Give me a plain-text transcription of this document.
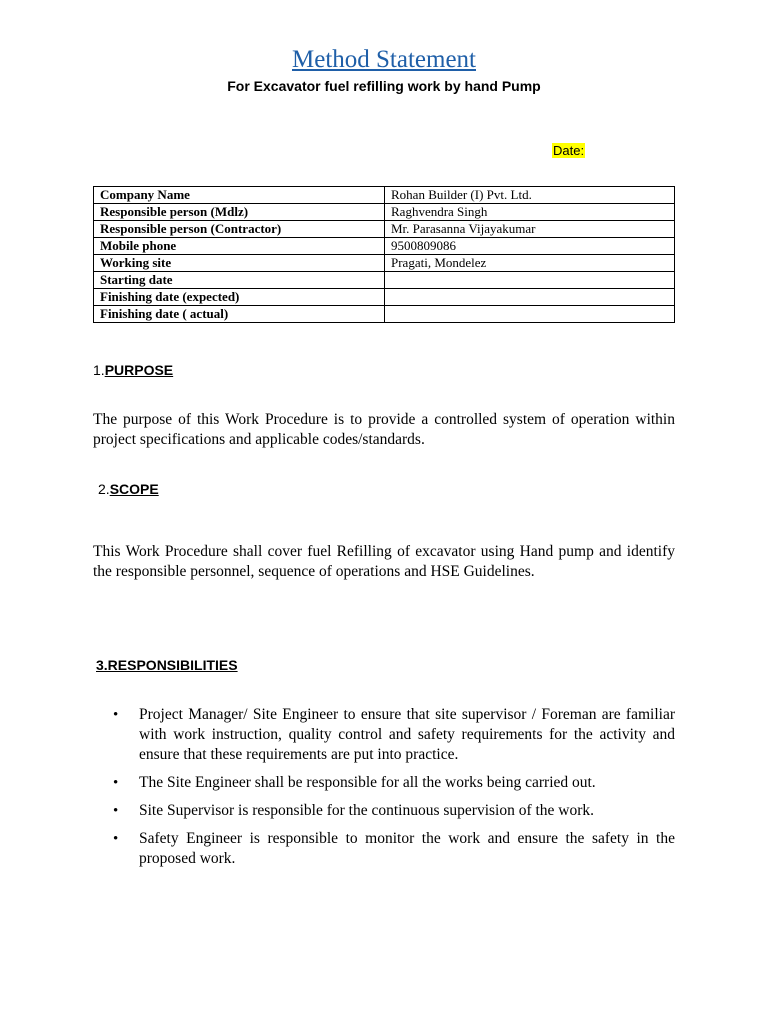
Method Statement
For Excavator fuel refilling work by hand Pump
Date:
Company Name	Rohan Builder (I) Pvt. Ltd.
Responsible person (Mdlz)	Raghvendra Singh
Responsible person (Contractor)	Mr. Parasanna Vijayakumar
Mobile phone	9500809086
Working site	Pragati, Mondelez
Starting date	
Finishing date (expected)	
Finishing date ( actual)	
1.PURPOSE
The purpose of this Work Procedure is to provide a controlled system of operation within project specifications and applicable codes/standards.
2.SCOPE
This Work Procedure shall cover fuel Refilling of excavator using Hand pump and identify the responsible personnel, sequence of operations and HSE Guidelines.
3.RESPONSIBILITIES
• Project Manager/ Site Engineer to ensure that site supervisor / Foreman are familiar with work instruction, quality control and safety requirements for the activity and ensure that these requirements are put into practice.
• The Site Engineer shall be responsible for all the works being carried out.
• Site Supervisor is responsible for the continuous supervision of the work.
• Safety Engineer is responsible to monitor the work and ensure the safety in the proposed work.
